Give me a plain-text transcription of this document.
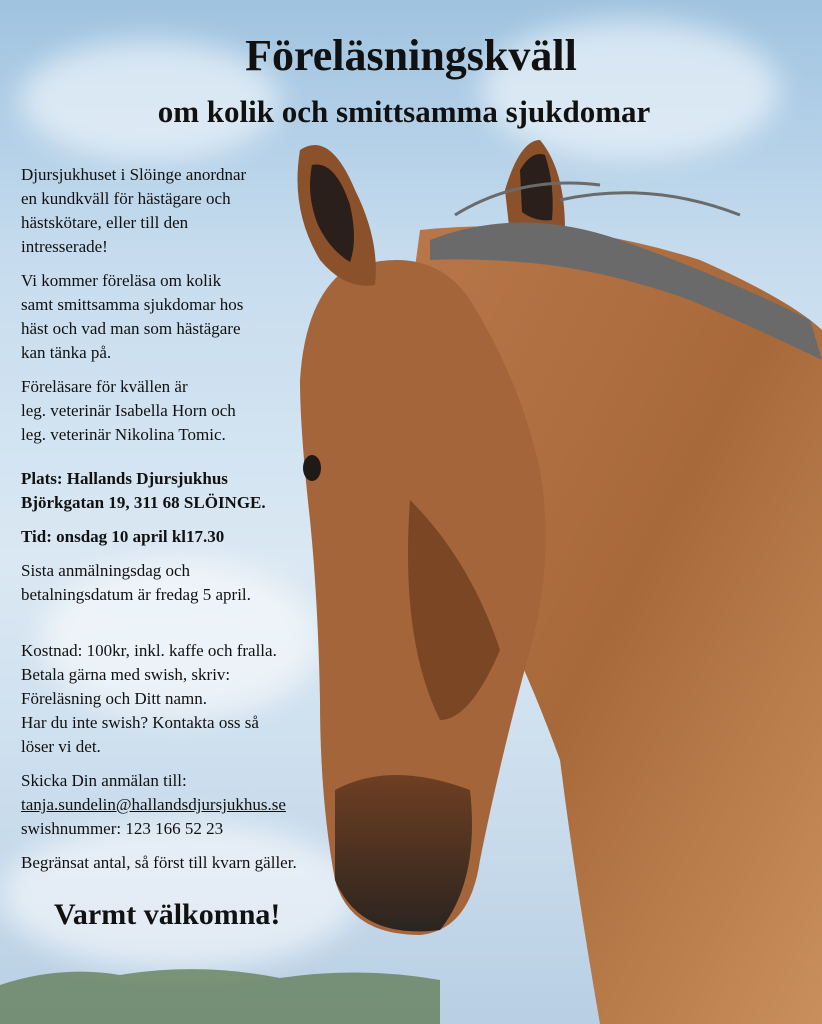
Föreläsningskväll
om kolik och smittsamma sjukdomar

Djursjukhuset i Slöinge anordnar

en kundkväll för hästägare och

hästskötare, eller till den

intresserade!

Vi kommer föreläsa om kolik

samt smittsamma sjukdomar hos

häst och vad man som hästägare

kan tänka på.

Föreläsare för kvällen är

leg. veterinär Isabella Horn och

leg. veterinär Nikolina Tomic.

Plats: Hallands Djursjukhus

Björkgatan 19, 311 68 SLÖINGE.

Tid: onsdag 10 april kl17.30

Sista anmälningsdag och

betalningsdatum är fredag 5 april.

Kostnad: 100kr, inkl. kaffe och fralla.

Betala gärna med swish, skriv:

Föreläsning och Ditt namn.

Har du inte swish? Kontakta oss så

löser vi det.

Skicka Din anmälan till:

tanja.sundelin@hallandsdjursjukhus.se

swishnummer: 123 166 52 23

Begränsat antal, så först till kvarn gäller.

Varmt välkomna!
